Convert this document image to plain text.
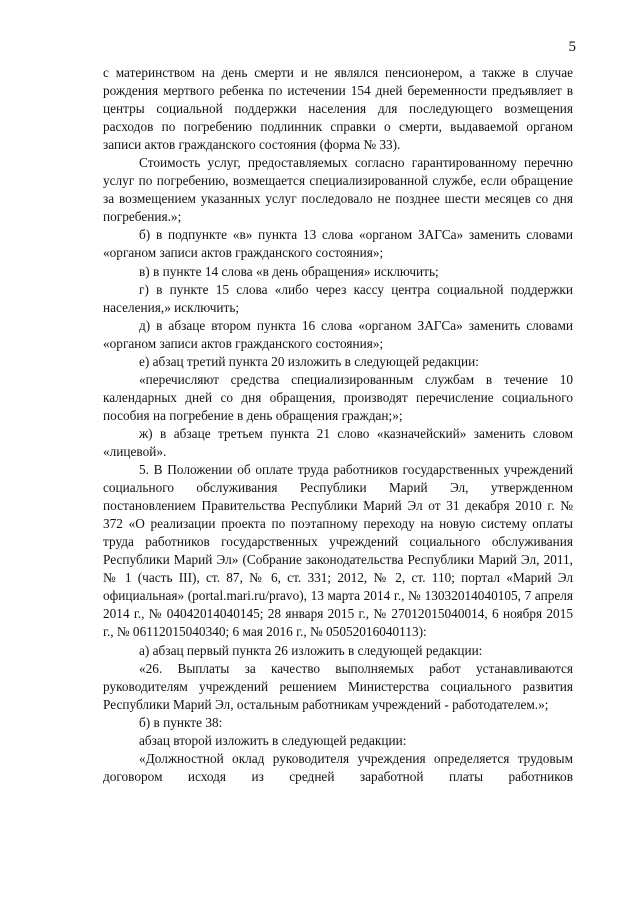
5

с материнством на день смерти и не являлся пенсионером, а также в случае рождения мертвого ребенка по истечении 154 дней беременности предъявляет в центры социальной поддержки населения для последующего возмещения расходов по погребению подлинник справки о смерти, выдаваемой органом записи актов гражданского состояния (форма № 33).

Стоимость услуг, предоставляемых согласно гарантированному перечню услуг по погребению, возмещается специализированной службе, если обращение за возмещением указанных услуг последовало не позднее шести месяцев со дня погребения.»;

б) в подпункте «в» пункта 13 слова «органом ЗАГСа» заменить словами «органом записи актов гражданского состояния»;

в) в пункте 14 слова «в день обращения» исключить;

г) в пункте 15 слова «либо через кассу центра социальной поддержки населения,» исключить;

д) в абзаце втором пункта 16 слова «органом ЗАГСа» заменить словами «органом записи актов гражданского состояния»;

е) абзац третий пункта 20 изложить в следующей редакции:

«перечисляют средства специализированным службам в течение 10 календарных дней со дня обращения, производят перечисление социального пособия на погребение в день обращения граждан;»;

ж) в абзаце третьем пункта 21 слово «казначейский» заменить словом «лицевой».

5. В Положении об оплате труда работников государственных учреждений социального обслуживания Республики Марий Эл, утвержденном постановлением Правительства Республики Марий Эл от 31 декабря 2010 г. № 372 «О реализации проекта по поэтапному переходу на новую систему оплаты труда работников государственных учреждений социального обслуживания Республики Марий Эл» (Собрание законодательства Республики Марий Эл, 2011, № 1 (часть III), ст. 87, № 6, ст. 331; 2012, № 2, ст. 110; портал «Марий Эл официальная» (portal.mari.ru/pravo), 13 марта 2014 г., № 13032014040105, 7 апреля 2014 г., № 04042014040145; 28 января 2015 г., № 27012015040014, 6 ноября 2015 г., № 06112015040340; 6 мая 2016 г., № 05052016040113):

а) абзац первый пункта 26 изложить в следующей редакции:

«26. Выплаты за качество выполняемых работ устанавливаются руководителям учреждений решением Министерства социального развития Республики Марий Эл, остальным работникам учреждений - работодателем.»;

б) в пункте 38:

абзац второй изложить в следующей редакции:

«Должностной оклад руководителя учреждения определяется трудовым договором исходя из средней заработной платы работников
